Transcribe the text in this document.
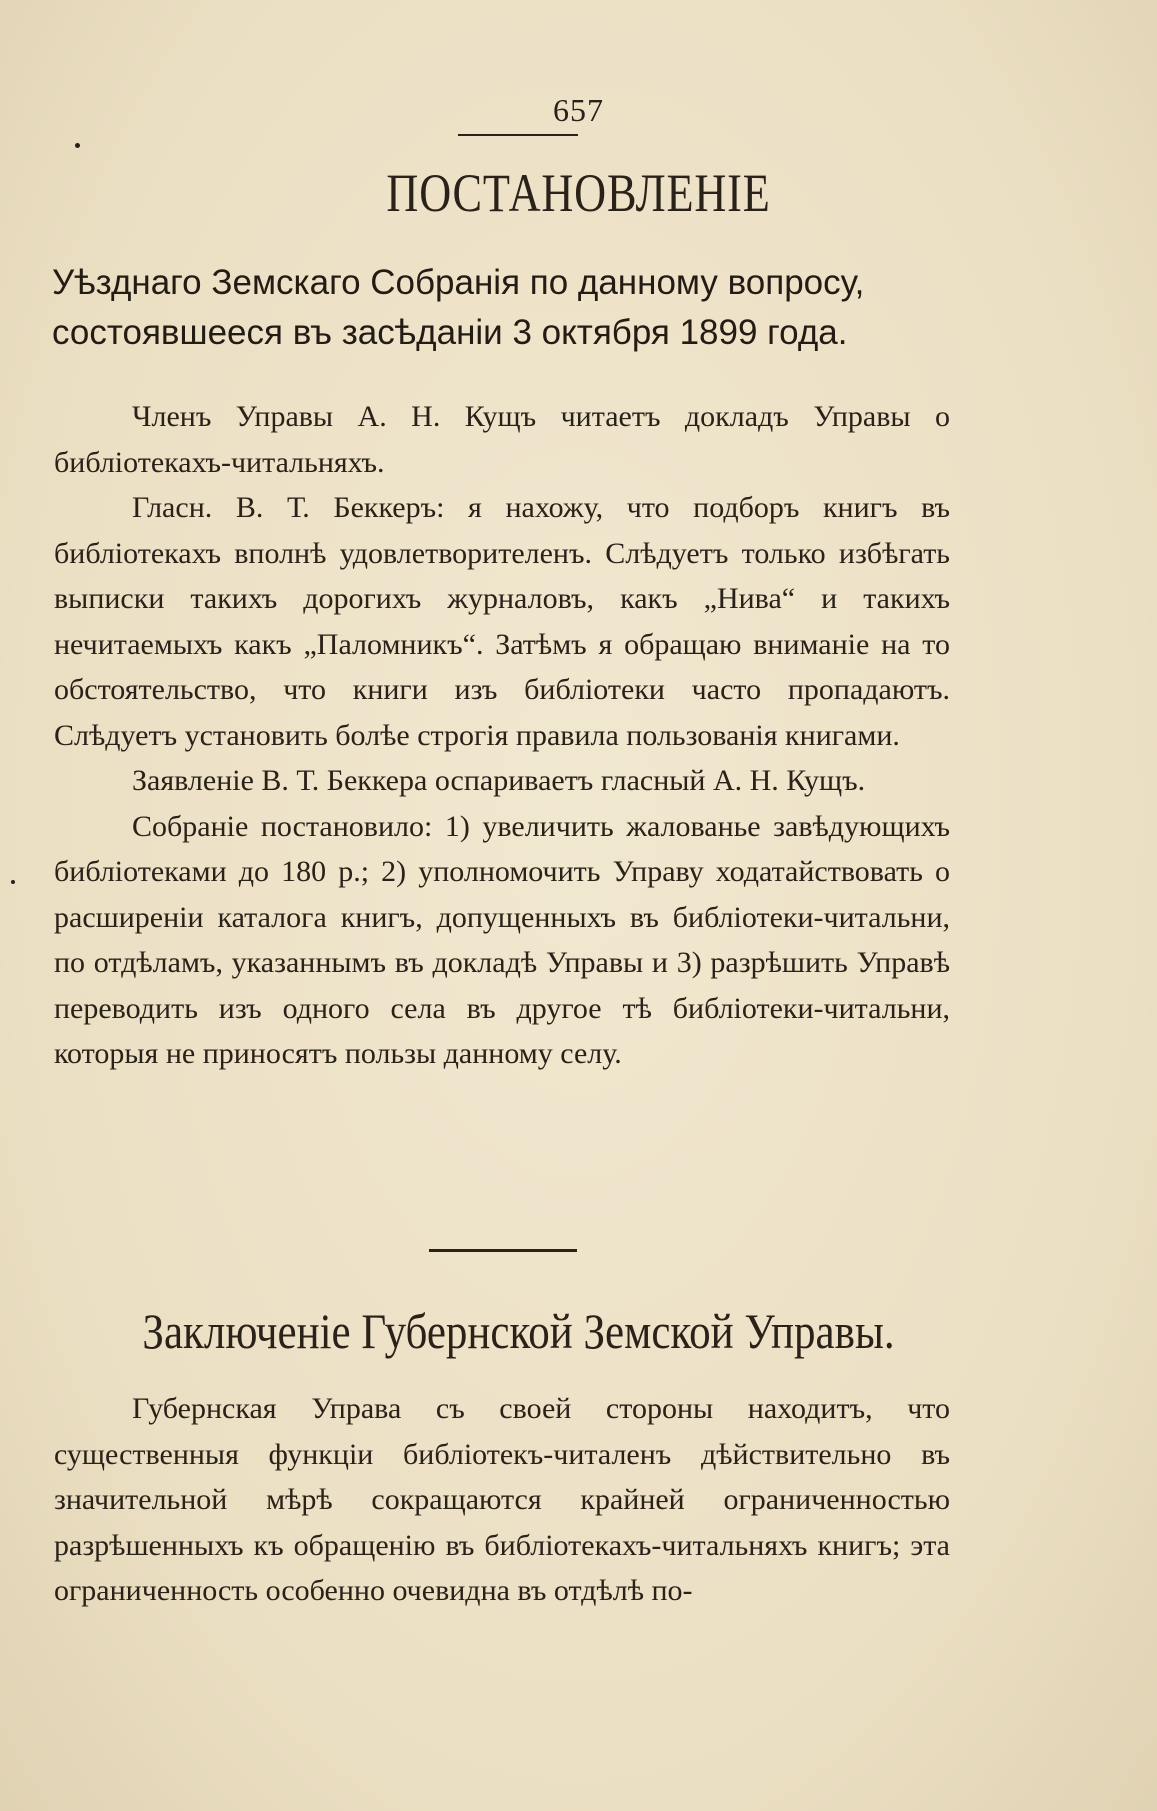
657
ПОСТАНОВЛЕНІЕ
Уѣзднаго Земскаго Собранія по данному вопросу, состоявшееся въ засѣданіи 3 октября 1899 года.

Членъ Управы А. Н. Кущъ читаетъ докладъ Управы о библіотекахъ-читальняхъ.

Гласн. В. Т. Беккеръ: я нахожу, что подборъ книгъ въ библіотекахъ вполнѣ удовлетворителенъ. Слѣдуетъ только избѣгать выписки такихъ дорогихъ журналовъ, какъ „Нива“ и такихъ нечитаемыхъ какъ „Паломникъ“. Затѣмъ я обращаю вниманіе на то обстоятельство, что книги изъ библіотеки часто пропадаютъ. Слѣдуетъ установить болѣе строгія правила пользованія книгами.

Заявленіе В. Т. Беккера оспариваетъ гласный А. Н. Кущъ.

Собраніе постановило: 1) увеличить жалованье завѣдующихъ библіотеками до 180 р.; 2) уполномочить Управу ходатайствовать о расширеніи каталога книгъ, допущенныхъ въ библіотеки-читальни, по отдѣламъ, указаннымъ въ докладѣ Управы и 3) разрѣшить Управѣ переводить изъ одного села въ другое тѣ библіотеки-читальни, которыя не приносятъ пользы данному селу.

Заключеніе Губернской Земской Управы.

Губернская Управа съ своей стороны находитъ, что существенныя функціи библіотекъ-читаленъ дѣйствительно въ значительной мѣрѣ сокращаются крайней ограниченностью разрѣшенныхъ къ обращенію въ библіотекахъ-читальняхъ книгъ; эта ограниченность особенно очевидна въ отдѣлѣ по-
